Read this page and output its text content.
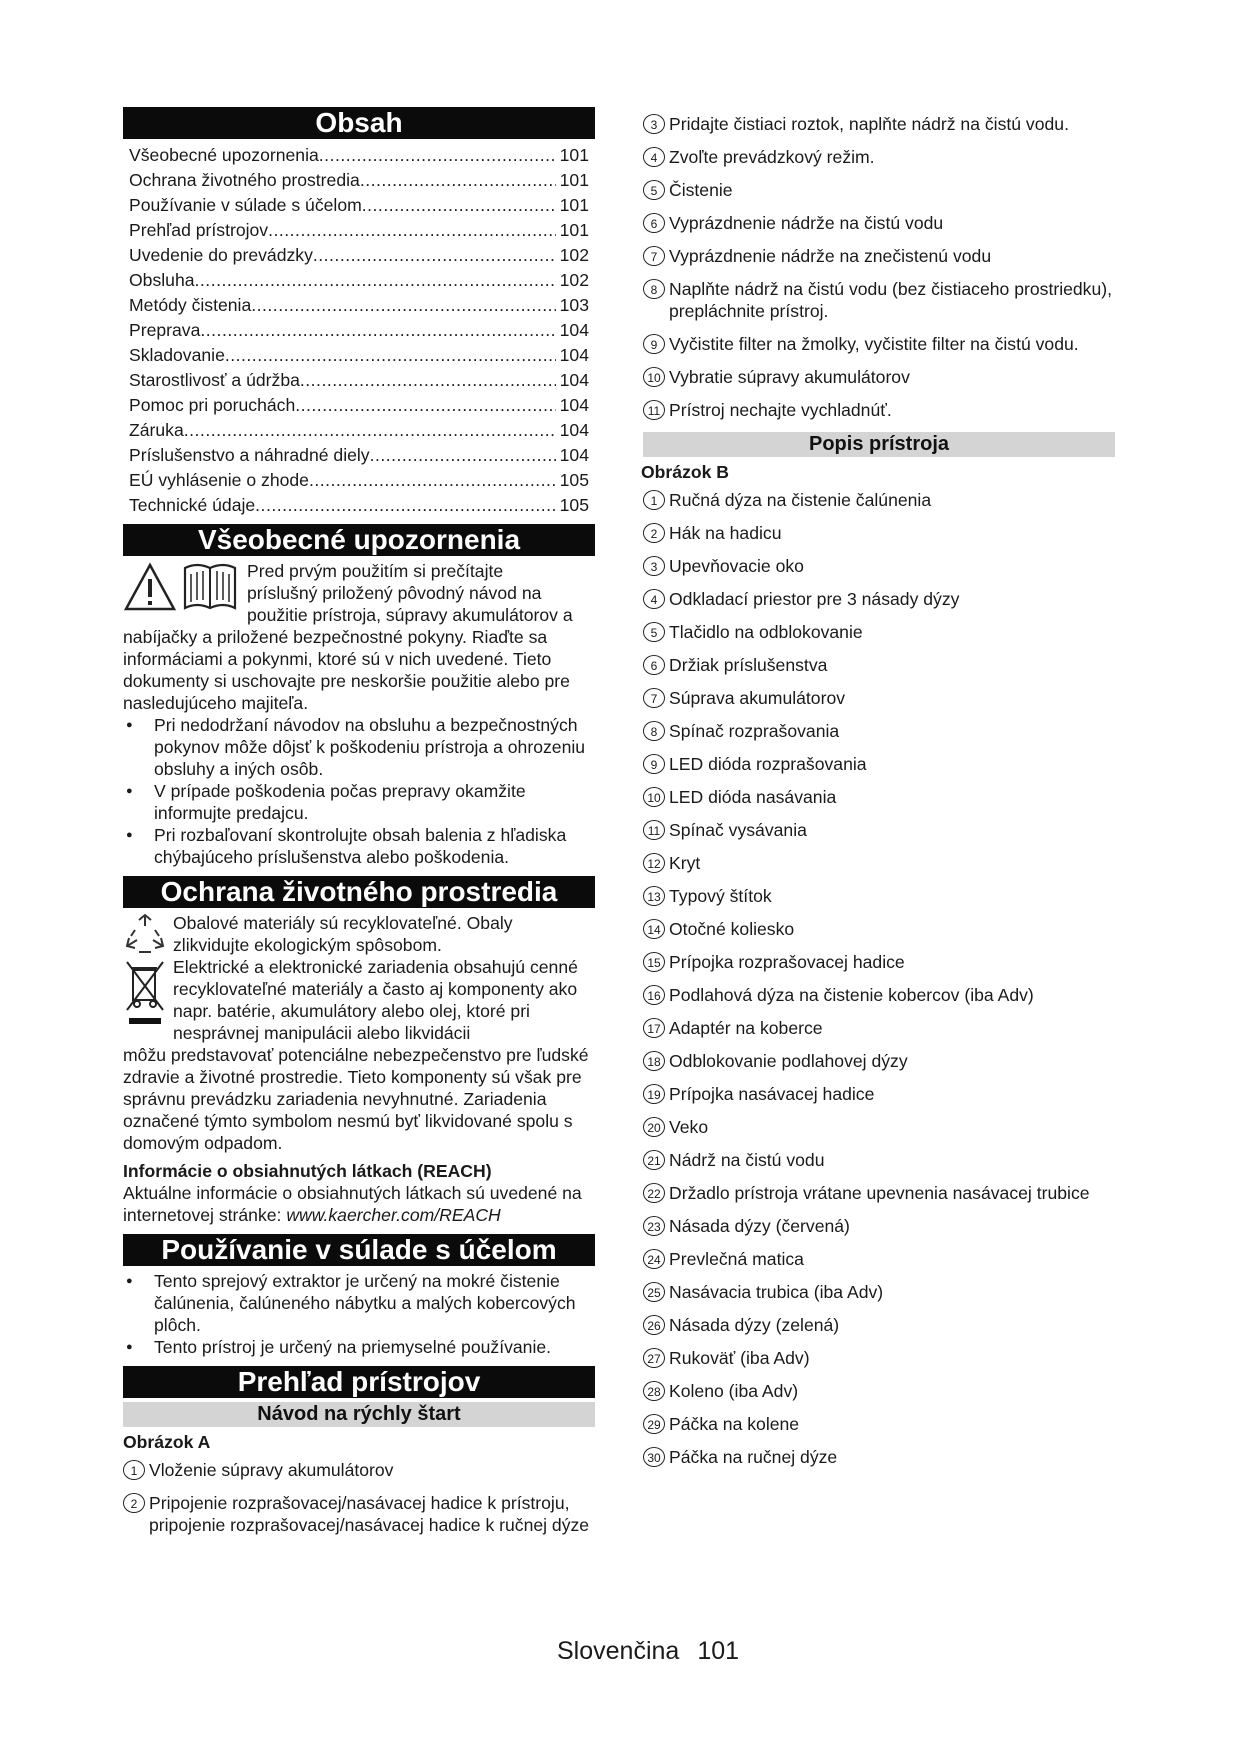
Obsah
Všeobecné upozornenia .....	101
Ochrana životného prostredia .....	101
Používanie v súlade s účelom .....	101
Prehľad prístrojov .....	101
Uvedenie do prevádzky .....	102
Obsluha .....	102
Metódy čistenia .....	103
Preprava .....	104
Skladovanie .....	104
Starostlivosť a údržba .....	104
Pomoc pri poruchách .....	104
Záruka .....	104
Príslušenstvo a náhradné diely .....	104
EÚ vyhlásenie o zhode .....	105
Technické údaje .....	105
Všeobecné upozornenia

Pred prvým použitím si prečítajte príslušný priložený pôvodný návod na použitie prístroja, súpravy akumulátorov a

nabíjačky a priložené bezpečnostné pokyny. Riaďte sa informáciami a pokynmi, ktoré sú v nich uvedené. Tieto dokumenty si uschovajte pre neskoršie použitie alebo pre nasledujúceho majiteľa.

● Pri nedodržaní návodov na obsluhu a bezpečnostných pokynov môže dôjsť k poškodeniu prístroja a ohrozeniu obsluhy a iných osôb.
● V prípade poškodenia počas prepravy okamžite informujte predajcu.
● Pri rozbaľovaní skontrolujte obsah balenia z hľadiska chýbajúceho príslušenstva alebo poškodenia.
Ochrana životného prostredia

Obalové materiály sú recyklovateľné. Obaly zlikvidujte ekologickým spôsobom.

Elektrické a elektronické zariadenia obsahujú cenné recyklovateľné materiály a často aj komponenty ako napr. batérie, akumulátory alebo olej, ktoré pri nesprávnej manipulácii alebo likvidácii

môžu predstavovať potenciálne nebezpečenstvo pre ľudské zdravie a životné prostredie. Tieto komponenty sú však pre správnu prevádzku zariadenia nevyhnutné. Zariadenia označené týmto symbolom nesmú byť likvidované spolu s domovým odpadom.

Informácie o obsiahnutých látkach (REACH)

Aktuálne informácie o obsiahnutých látkach sú uvedené na internetovej stránke: www.kaercher.com/REACH

Používanie v súlade s účelom
● Tento sprejový extraktor je určený na mokré čistenie čalúnenia, čalúneného nábytku a malých kobercových plôch.
● Tento prístroj je určený na priemyselné používanie.
Prehľad prístrojov
Návod na rýchly štart
Obrázok A
1 Vloženie súpravy akumulátorov
2 Pripojenie rozprašovacej/nasávacej hadice k prístroju, pripojenie rozprašovacej/nasávacej hadice k ručnej dýze
3 Pridajte čistiaci roztok, naplňte nádrž na čistú vodu.
4 Zvoľte prevádzkový režim.
5 Čistenie
6 Vyprázdnenie nádrže na čistú vodu
7 Vyprázdnenie nádrže na znečistenú vodu
8 Naplňte nádrž na čistú vodu (bez čistiaceho prostriedku), prepláchnite prístroj.
9 Vyčistite filter na žmolky, vyčistite filter na čistú vodu.
10 Vybratie súpravy akumulátorov
11 Prístroj nechajte vychladnúť.
Popis prístroja
Obrázok B
1 Ručná dýza na čistenie čalúnenia
2 Hák na hadicu
3 Upevňovacie oko
4 Odkladací priestor pre 3 násady dýzy
5 Tlačidlo na odblokovanie
6 Držiak príslušenstva
7 Súprava akumulátorov
8 Spínač rozprašovania
9 LED dióda rozprašovania
10 LED dióda nasávania
11 Spínač vysávania
12 Kryt
13 Typový štítok
14 Otočné koliesko
15 Prípojka rozprašovacej hadice
16 Podlahová dýza na čistenie kobercov (iba Adv)
17 Adaptér na koberce
18 Odblokovanie podlahovej dýzy
19 Prípojka nasávacej hadice
20 Veko
21 Nádrž na čistú vodu
22 Držadlo prístroja vrátane upevnenia nasávacej trubice
23 Násada dýzy (červená)
24 Prevlečná matica
25 Nasávacia trubica (iba Adv)
26 Násada dýzy (zelená)
27 Rukoväť (iba Adv)
28 Koleno (iba Adv)
29 Páčka na kolene
30 Páčka na ručnej dýze
Slovenčina 101
